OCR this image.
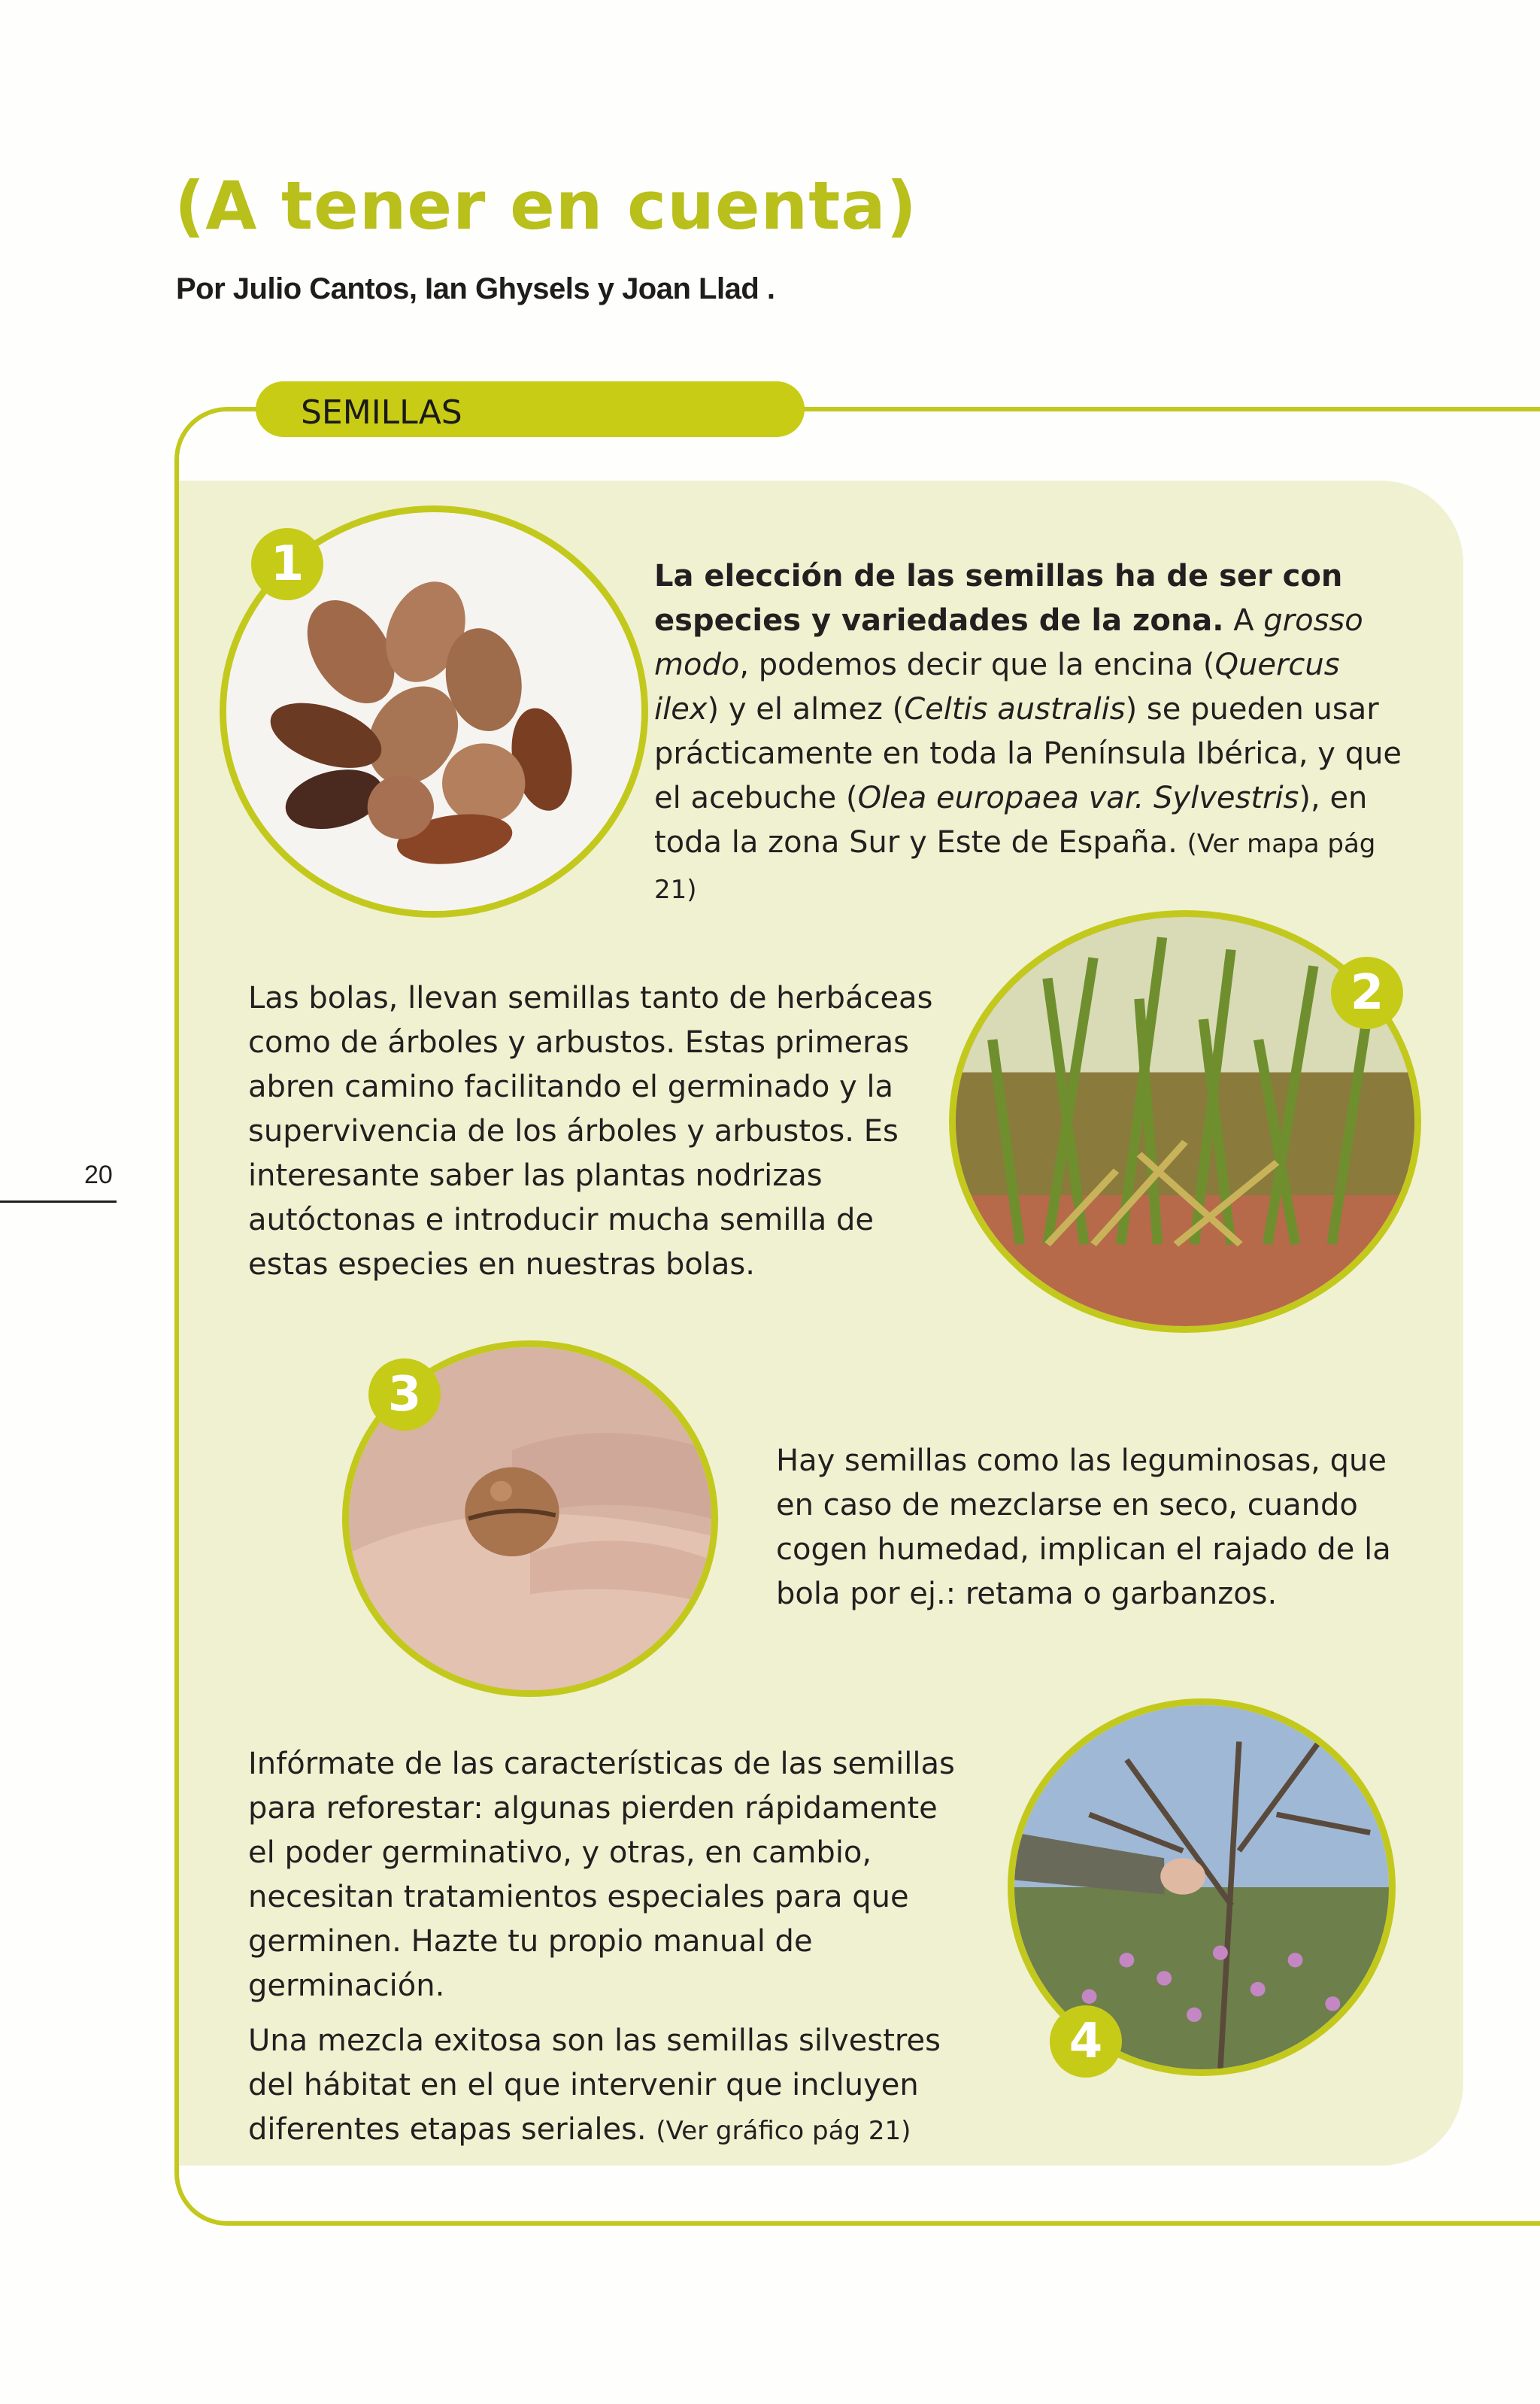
(A tener en cuenta)
Por Julio Cantos, Ian Ghysels y Joan Llad .
SEMILLAS
20
1	La elección de las semillas ha de ser con especies y variedades de la zona. A grosso modo, podemos decir que la encina (Quercus ilex) y el almez (Celtis australis) se pueden usar prácticamente en toda la Península Ibérica, y que el acebuche (Olea europaea var. Sylvestris), en toda la zona Sur y Este de España. (Ver mapa pág 21)

Las bolas, llevan semillas tanto de herbáceas como de árboles y arbustos. Estas primeras abren camino facilitando el germinado y la supervivencia de los árboles y arbustos. Es interesante saber las plantas nodrizas autóctonas e introducir mucha semilla de estas especies en nuestras bolas.

2
3

Hay semillas como las leguminosas, que en caso de mezclarse en seco, cuando cogen humedad, implican el rajado de la bola por ej.: retama o garbanzos.

Infórmate de las características de las semillas para reforestar: algunas pierden rápidamente el poder germinativo, y otras, en cambio, necesitan tratamientos especiales para que germinen. Hazte tu propio manual de germinación.

Una mezcla exitosa son las semillas silvestres del hábitat en el que intervenir que incluyen diferentes etapas seriales. (Ver gráfico pág 21)

4
